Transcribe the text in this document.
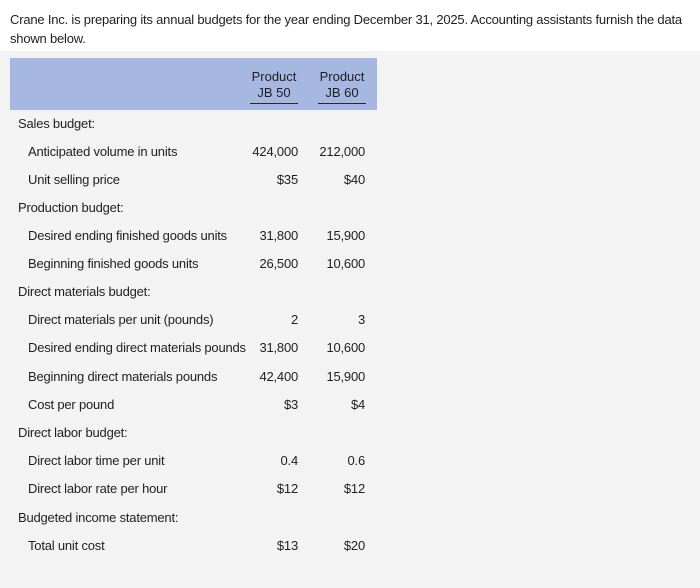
Crane Inc. is preparing its annual budgets for the year ending December 31, 2025. Accounting assistants furnish the data shown below.
Product
JB 50
Product
JB 60
Sales budget:
Anticipated volume in units	424,000 212,000
Unit selling price	$35	$40
Production budget:
Desired ending finished goods units 31,800 15,900
Beginning finished goods units	26,500 10,600
Direct materials budget:
Direct materials per unit (pounds)	2	3
Desired ending direct materials pounds 31,800 10,600
Beginning direct materials pounds	42,400 15,900
Cost per pound	$3	$4
Direct labor budget:
Direct labor time per unit	0.4	0.6
Direct labor rate per hour	$12	$12
Budgeted income statement:
Total unit cost	$13	$20
